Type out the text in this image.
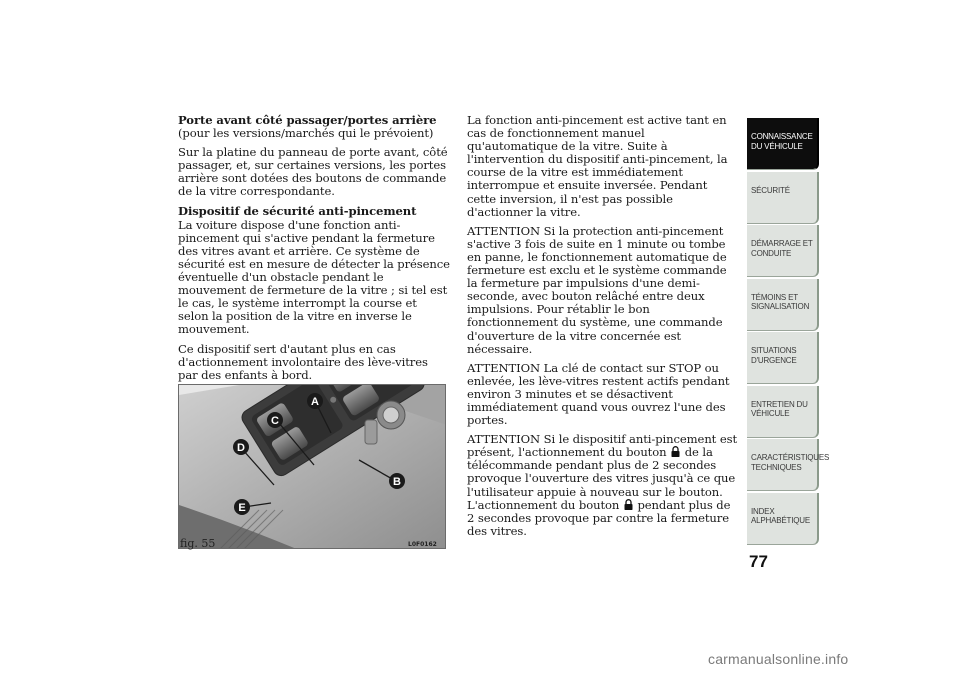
Porte avant côté passager/portes arrière
(pour les versions/marchés qui le prévoient)

Sur la platine du panneau de porte avant, côté passager, et, sur certaines versions, les portes arrière sont dotées des boutons de commande de la vitre correspondante.

Dispositif de sécurité anti-pincement

La voiture dispose d'une fonction anti-pincement qui s'active pendant la fermeture des vitres avant et arrière. Ce système de sécurité est en mesure de détecter la présence éventuelle d'un obstacle pendant le mouvement de fermeture de la vitre ; si tel est le cas, le système interrompt la course et selon la position de la vitre en inverse le mouvement.

Ce dispositif sert d'autant plus en cas d'actionnement involontaire des lève-vitres par des enfants à bord.

La fonction anti-pincement est active tant en cas de fonctionnement manuel qu'automatique de la vitre. Suite à l'intervention du dispositif anti-pincement, la course de la vitre est immédiatement interrompue et ensuite inversée. Pendant cette inversion, il n'est pas possible d'actionner la vitre.

ATTENTION Si la protection anti-pincement s'active 3 fois de suite en 1 minute ou tombe en panne, le fonctionnement automatique de fermeture est exclu et le système commande la fermeture par impulsions d'une demi-seconde, avec bouton relâché entre deux impulsions. Pour rétablir le bon fonctionnement du système, une commande d'ouverture de la vitre concernée est nécessaire.

ATTENTION La clé de contact sur STOP ou enlevée, les lève-vitres restent actifs pendant environ 3 minutes et se désactivent immédiatement quand vous ouvrez l'une des portes.

ATTENTION Si le dispositif anti-pincement est présent, l'actionnement du bouton de la télécommande pendant plus de 2 secondes provoque l'ouverture des vitres jusqu'à ce que l'utilisateur appuie à nouveau sur le bouton. L'actionnement du bouton pendant plus de 2 secondes provoque par contre la fermeture des vitres.

A
B
C
D
E
fig. 55	L0F0162
CONNAISSANCE DU VÉHICULE
SÉCURITÉ
DÉMARRAGE ET CONDUITE
TÉMOINS ET SIGNALISATION
SITUATIONS D'URGENCE
ENTRETIEN DU VÉHICULE
CARACTÉRISTIQUES TECHNIQUES
INDEX ALPHABÉTIQUE
77
carmanualsonline.info
